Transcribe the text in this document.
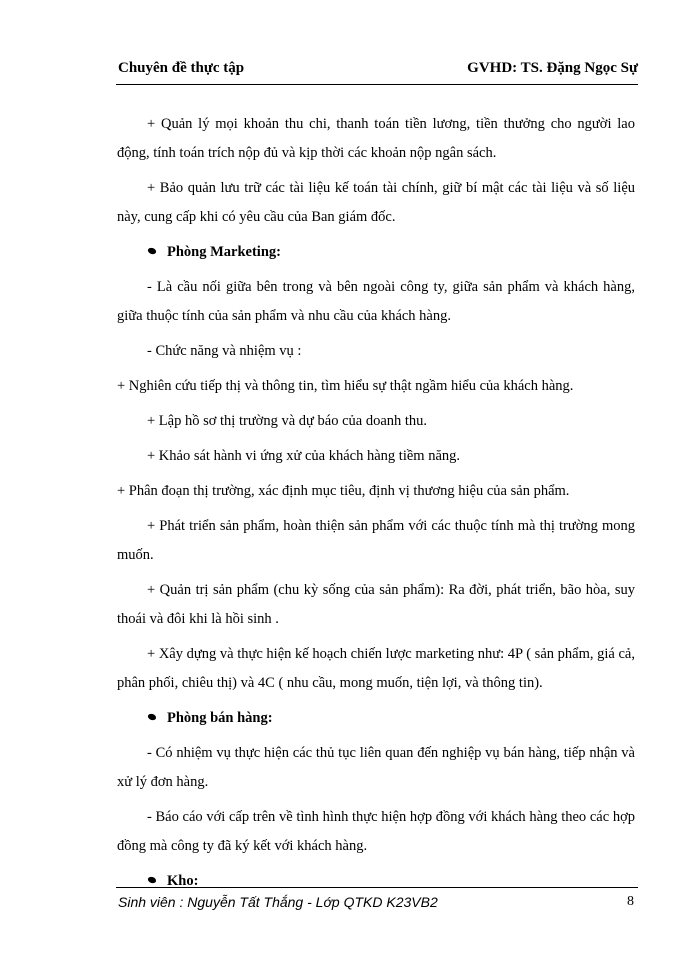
Chuyên đề thực tập	GVHD: TS. Đặng Ngọc Sự

+ Quản lý mọi khoản thu chi, thanh toán tiền lương, tiền thưởng cho người lao động, tính toán trích nộp đủ và kịp thời các khoản nộp ngân sách.

+ Bảo quản lưu trữ các tài liệu kế toán tài chính, giữ bí mật các tài liệu và số liệu này, cung cấp khi có yêu cầu của Ban giám đốc.

Phòng Marketing:

- Là cầu nối giữa bên trong và bên ngoài công ty, giữa sản phẩm và khách hàng, giữa thuộc tính của sản phẩm và nhu cầu của khách hàng.

- Chức năng và nhiệm vụ :

+ Nghiên cứu tiếp thị và thông tin, tìm hiểu sự thật ngầm hiểu của khách hàng.

+ Lập hồ sơ thị trường và dự báo của doanh thu.

+ Khảo sát hành vi ứng xử của khách hàng tiềm năng.

+ Phân đoạn thị trường, xác định mục tiêu, định vị thương hiệu của sản phẩm.

+ Phát triển sản phẩm, hoàn thiện sản phẩm với các thuộc tính mà thị trường mong muốn.

+ Quản trị sản phẩm (chu kỳ sống của sản phẩm): Ra đời, phát triển, bão hòa, suy thoái và đôi khi là hồi sinh .

+ Xây dựng và thực hiện kế hoạch chiến lược marketing như: 4P ( sản phẩm, giá cả, phân phối, chiêu thị) và 4C ( nhu cầu, mong muốn, tiện lợi, và thông tin).

Phòng bán hàng:

- Có nhiệm vụ thực hiện các thủ tục liên quan đến nghiệp vụ bán hàng, tiếp nhận và xử lý đơn hàng.

- Báo cáo với cấp trên về tình hình thực hiện hợp đồng với khách hàng theo các hợp đồng mà công ty đã ký kết với khách hàng.

Kho:
Sinh viên : Nguyễn Tất Thắng - Lớp QTKD K23VB2	8
